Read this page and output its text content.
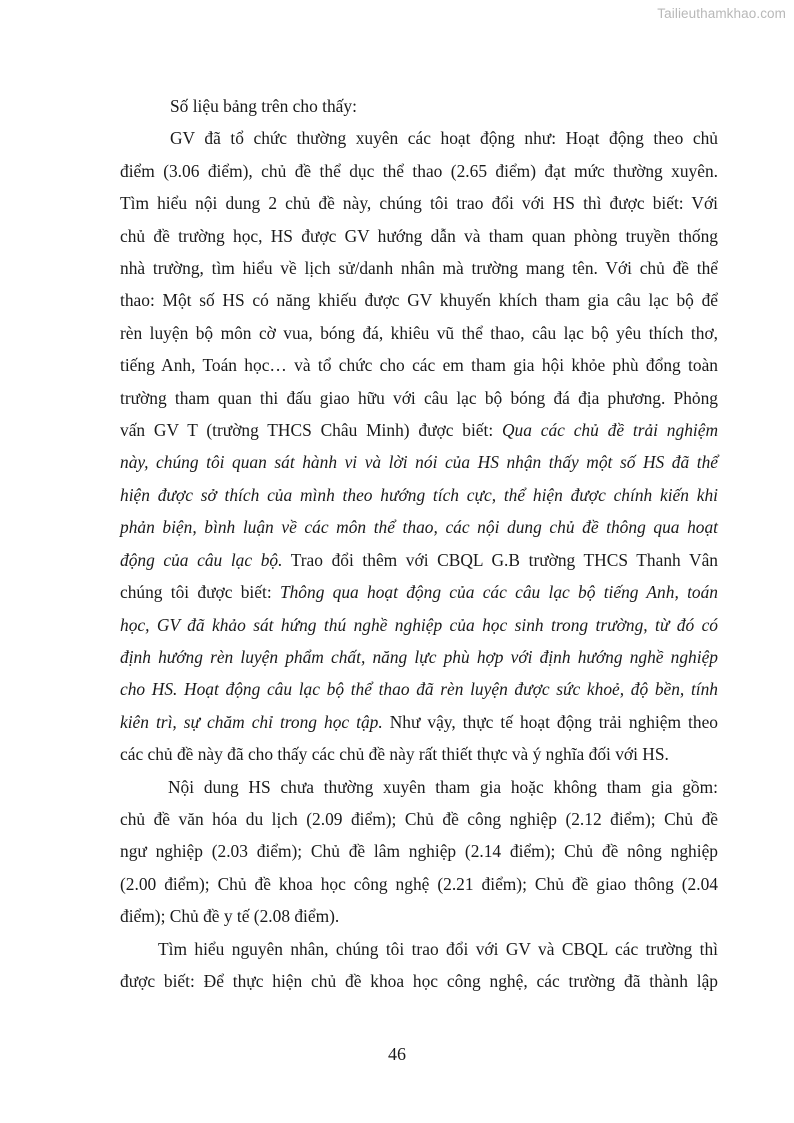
Tailieuthamkhao.com
Số liệu bảng trên cho thấy:
GV đã tổ chức thường xuyên các hoạt động như: Hoạt động theo chủ
điểm (3.06 điểm), chủ đề thể dục thể thao (2.65 điểm) đạt mức thường xuyên.
Tìm hiểu nội dung 2 chủ đề này, chúng tôi trao đổi với HS thì được biết: Với
chủ đề trường học, HS được GV hướng dẫn và tham quan phòng truyền thống
nhà trường, tìm hiểu về lịch sử/danh nhân mà trường mang tên. Với chủ đề thể
thao: Một số HS có năng khiếu được GV khuyến khích tham gia câu lạc bộ để
rèn luyện bộ môn cờ vua, bóng đá, khiêu vũ thể thao, câu lạc bộ yêu thích thơ,
tiếng Anh, Toán học… và tổ chức cho các em tham gia hội khỏe phù đổng toàn
trường tham quan thi đấu giao hữu với câu lạc bộ bóng đá địa phương. Phỏng
vấn GV T (trường THCS Châu Minh) được biết: Qua các chủ đề trải nghiệm
này, chúng tôi quan sát hành vi và lời nói của HS nhận thấy một số HS đã thể
hiện được sở thích của mình theo hướng tích cực, thể hiện được chính kiến khi
phản biện, bình luận về các môn thể thao, các nội dung chủ đề thông qua hoạt
động của câu lạc bộ. Trao đổi thêm với CBQL G.B trường THCS Thanh Vân
chúng tôi được biết: Thông qua hoạt động của các câu lạc bộ tiếng Anh, toán
học, GV đã khảo sát hứng thú nghề nghiệp của học sinh trong trường, từ đó có
định hướng rèn luyện phẩm chất, năng lực phù hợp với định hướng nghề nghiệp
cho HS. Hoạt động câu lạc bộ thể thao đã rèn luyện được sức khoẻ, độ bền, tính
kiên trì, sự chăm chỉ trong học tập. Như vậy, thực tế hoạt động trải nghiệm theo
các chủ đề này đã cho thấy các chủ đề này rất thiết thực và ý nghĩa đối với HS.
Nội dung HS chưa thường xuyên tham gia hoặc không tham gia gồm:
chủ đề văn hóa du lịch (2.09 điểm); Chủ đề công nghiệp (2.12 điểm); Chủ đề
ngư nghiệp (2.03 điểm); Chủ đề lâm nghiệp (2.14 điểm); Chủ đề nông nghiệp
(2.00 điểm); Chủ đề khoa học công nghệ (2.21 điểm); Chủ đề giao thông (2.04
điểm); Chủ đề y tế (2.08 điểm).
Tìm hiểu nguyên nhân, chúng tôi trao đổi với GV và CBQL các trường thì
được biết: Để thực hiện chủ đề khoa học công nghệ, các trường đã thành lập
46
